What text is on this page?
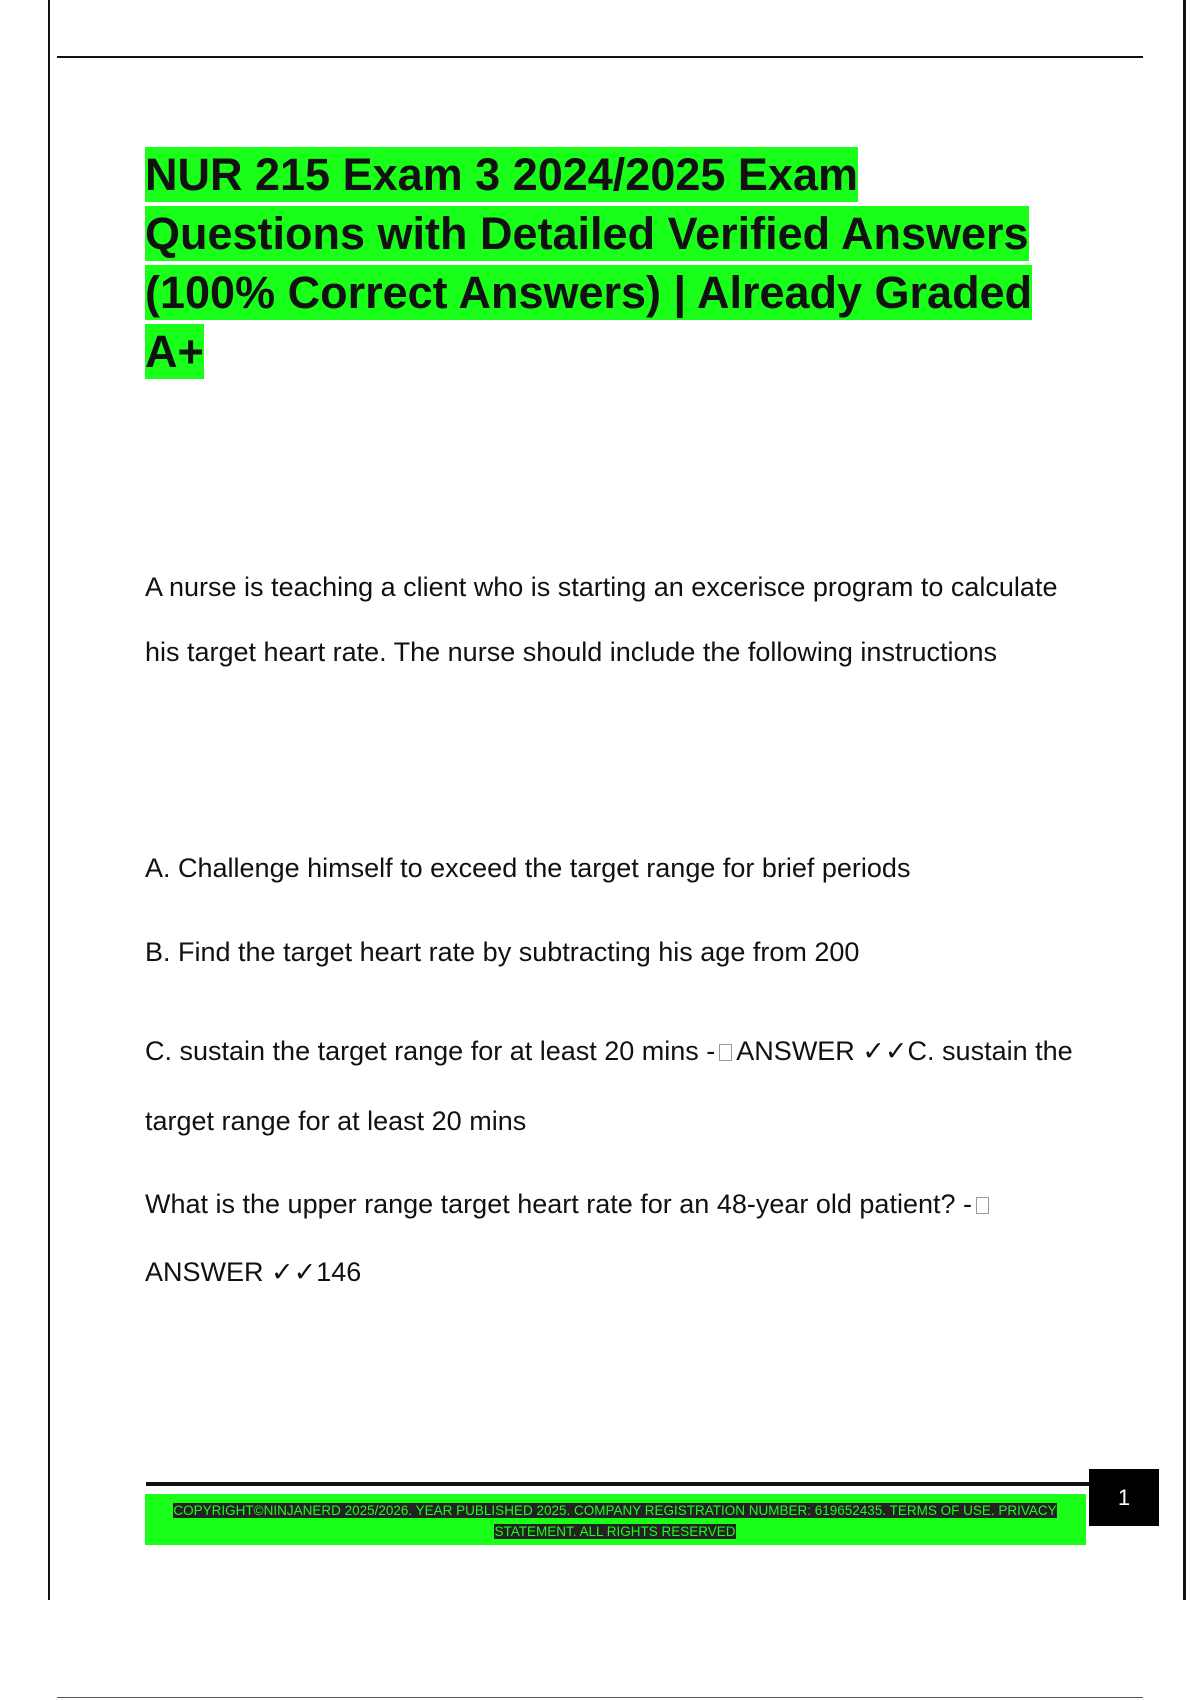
NUR 215 Exam 3 2024/2025 Exam Questions with Detailed Verified Answers (100% Correct Answers) | Already Graded A+

A nurse is teaching a client who is starting an excerisce program to calculate his target heart rate. The nurse should include the following instructions

A. Challenge himself to exceed the target range for brief periods

B. Find the target heart rate by subtracting his age from 200

C. sustain the target range for at least 20 mins - ANSWER ✓✓C. sustain the target range for at least 20 mins

What is the upper range target heart rate for an 48-year old patient? -
ANSWER ✓✓146

COPYRIGHT©NINJANERD 2025/2026. YEAR PUBLISHED 2025. COMPANY REGISTRATION NUMBER: 619652435. TERMS OF USE. PRIVACY
STATEMENT. ALL RIGHTS RESERVED

1
